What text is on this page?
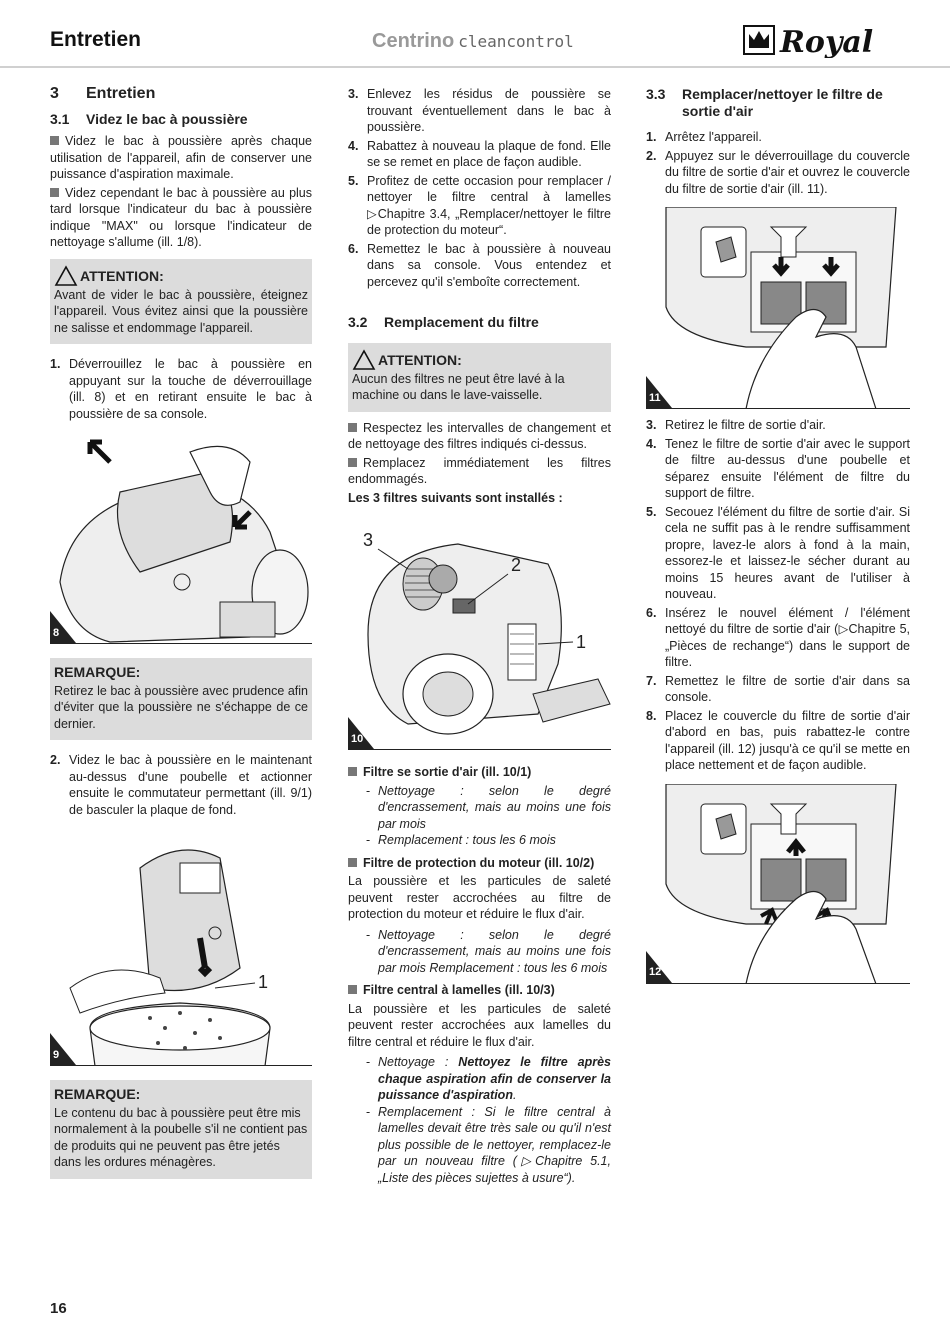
Entretien	Centrino cleancontrol	Royal
3 Entretien
3.1 Videz le bac à poussière

Videz le bac à poussière après chaque utilisation de l'appareil, afin de conserver une puissance d'aspiration maximale.

Videz cependant le bac à poussière au plus tard lorsque l'indicateur du bac à poussière indique "MAX" ou lorsque l'indicateur de nettoyage s'allume (ill. 1/8).

ATTENTION:

Avant de vider le bac à poussière, éteignez l'appareil. Vous évitez ainsi que la poussière ne salisse et endommage l'appareil.

1. Déverrouillez le bac à poussière en appuyant sur la touche de déverrouillage (ill. 8) et en retirant ensuite le bac à poussière de sa console.
8
REMARQUE:

Retirez le bac à poussière avec prudence afin d'éviter que la poussière ne s'échappe de ce dernier.

2. Videz le bac à poussière en le maintenant au-dessus d'une poubelle et actionner ensuite le commutateur permettant (ill. 9/1) de basculer la plaque de fond.
1
9
REMARQUE:

Le contenu du bac à poussière peut être mis normalement à la poubelle s'il ne contient pas de produits qui ne peuvent pas être jetés dans les ordures ménagères.

3. Enlevez les résidus de poussière se trouvant éventuellement dans le bac à poussière.
4. Rabattez à nouveau la plaque de fond. Elle se se remet en place de façon audible.
5. Profitez de cette occasion pour remplacer / nettoyer le filtre central à lamelles ▷Chapitre 3.4, „Remplacer/nettoyer le filtre de protection du moteur“.
6. Remettez le bac à poussière à nouveau dans sa console. Vous entendez et percevez qu'il s'emboîte correctement.
3.2 Remplacement du filtre
ATTENTION:

Aucun des filtres ne peut être lavé à la machine ou dans le lave-vaisselle.

Respectez les intervalles de changement et de nettoyage des filtres indiqués ci-dessus.

Remplacez immédiatement les filtres endommagés.

Les 3 filtres suivants sont installés :

1
2
3
10

Filtre se sortie d'air (ill. 10/1)

- Nettoyage : selon le degré d'encrassement, mais au moins une fois par mois
- Remplacement : tous les 6 mois

Filtre de protection du moteur (ill. 10/2)

La poussière et les particules de saleté peuvent rester accrochées au filtre de protection du moteur et réduire le flux d'air.

- Nettoyage : selon le degré d'encrassement, mais au moins une fois par mois Remplacement : tous les 6 mois

Filtre central à lamelles (ill. 10/3)

La poussière et les particules de saleté peuvent rester accrochées aux lamelles du filtre central et réduire le flux d'air.

- Nettoyage : Nettoyez le filtre après chaque aspiration afin de conserver la puissance d'aspiration.
- Remplacement : Si le filtre central à lamelles devait être très sale ou qu'il n'est plus possible de le nettoyer, remplacez-le par un nouveau filtre (▷Chapitre 5.1, „Liste des pièces sujettes à usure“).
3.3	Remplacer/nettoyer le filtre de sortie d'air
1. Arrêtez l'appareil.
2. Appuyez sur le déverrouillage du couvercle du filtre de sortie d'air et ouvrez le couvercle du filtre de sortie d'air (ill. 11).
11
3. Retirez le filtre de sortie d'air.
4. Tenez le filtre de sortie d'air avec le support de filtre au-dessus d'une poubelle et séparez ensuite l'élément de filtre du support de filtre.
5. Secouez l'élément du filtre de sortie d'air. Si cela ne suffit pas à le rendre suffisamment propre, lavez-le alors à fond à la main, essorez-le et laissez-le sécher durant au moins 15 heures avant de l'utiliser à nouveau.
6. Insérez le nouvel élément / l'élément nettoyé du filtre de sortie d'air (▷Chapitre 5, „Pièces de rechange“) dans le support de filtre.
7. Remettez le filtre de sortie d'air dans sa console.
8. Placez le couvercle du filtre de sortie d'air d'abord en bas, puis rabattez-le contre l'appareil (ill. 12) jusqu'à ce qu'il se mette en place nettement et de façon audible.
12
16
